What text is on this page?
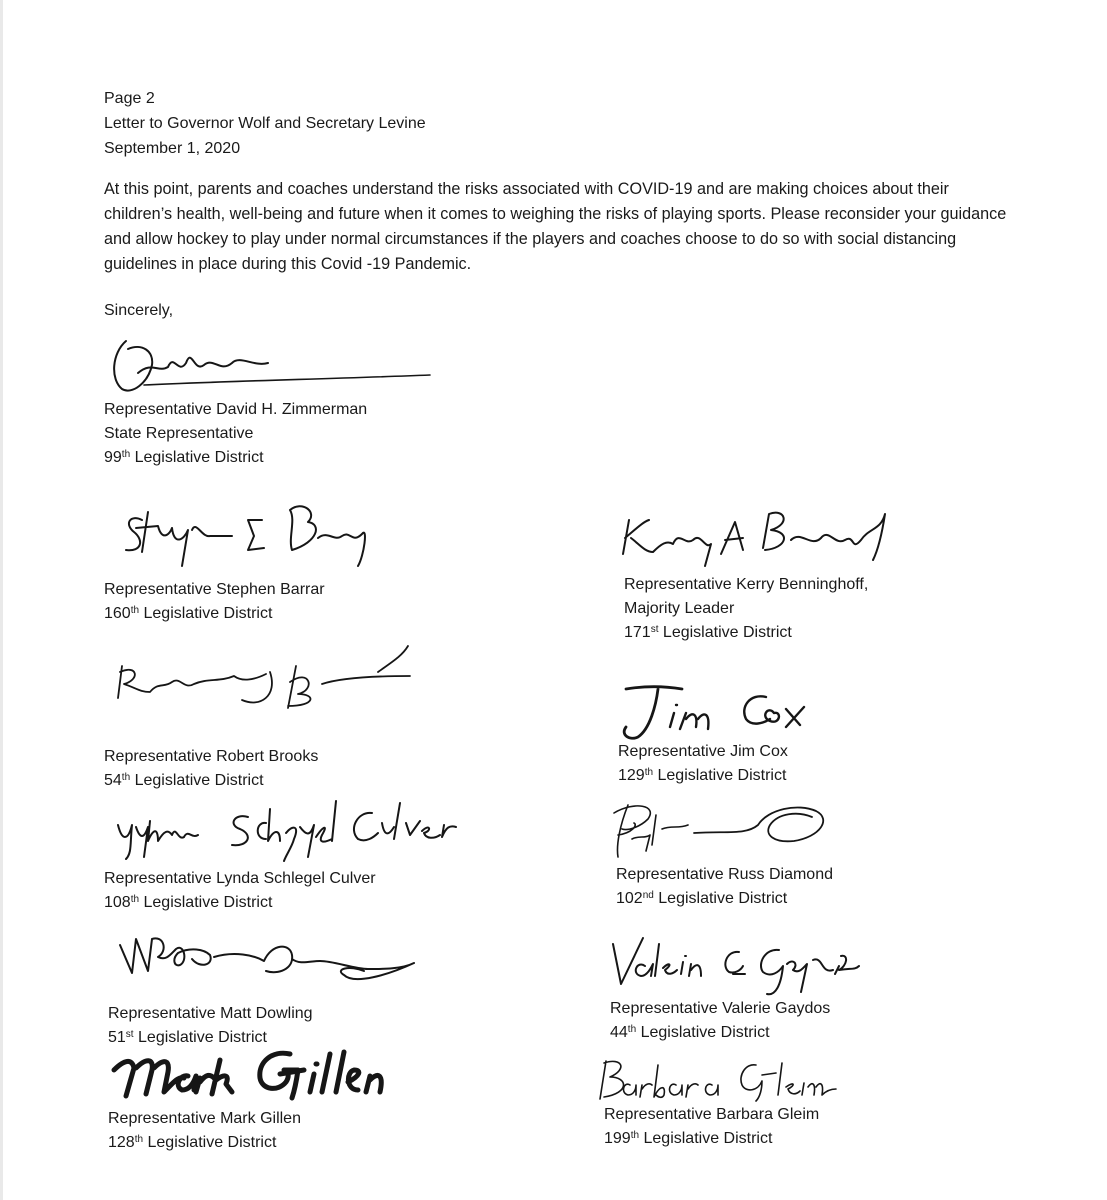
Page 2
Letter to Governor Wolf and Secretary Levine
September 1, 2020

At this point, parents and coaches understand the risks associated with COVID-19 and are making choices about their children’s health, well-being and future when it comes to weighing the risks of playing sports. Please reconsider your guidance and allow hockey to play under normal circumstances if the players and coaches choose to do so with social distancing guidelines in place during this Covid -19 Pandemic.

Sincerely,
Representative David H. Zimmerman
State Representative
99th Legislative District
Representative Stephen Barrar
160th Legislative District
Representative Kerry Benninghoff,
Majority Leader
171st Legislative District
Representative Robert Brooks
54th Legislative District
Representative Jim Cox
129th Legislative District
Representative Lynda Schlegel Culver
108th Legislative District
Representative Russ Diamond
102nd Legislative District
Representative Matt Dowling
51st Legislative District
Representative Valerie Gaydos
44th Legislative District
Representative Mark Gillen
128th Legislative District
Representative Barbara Gleim
199th Legislative District
